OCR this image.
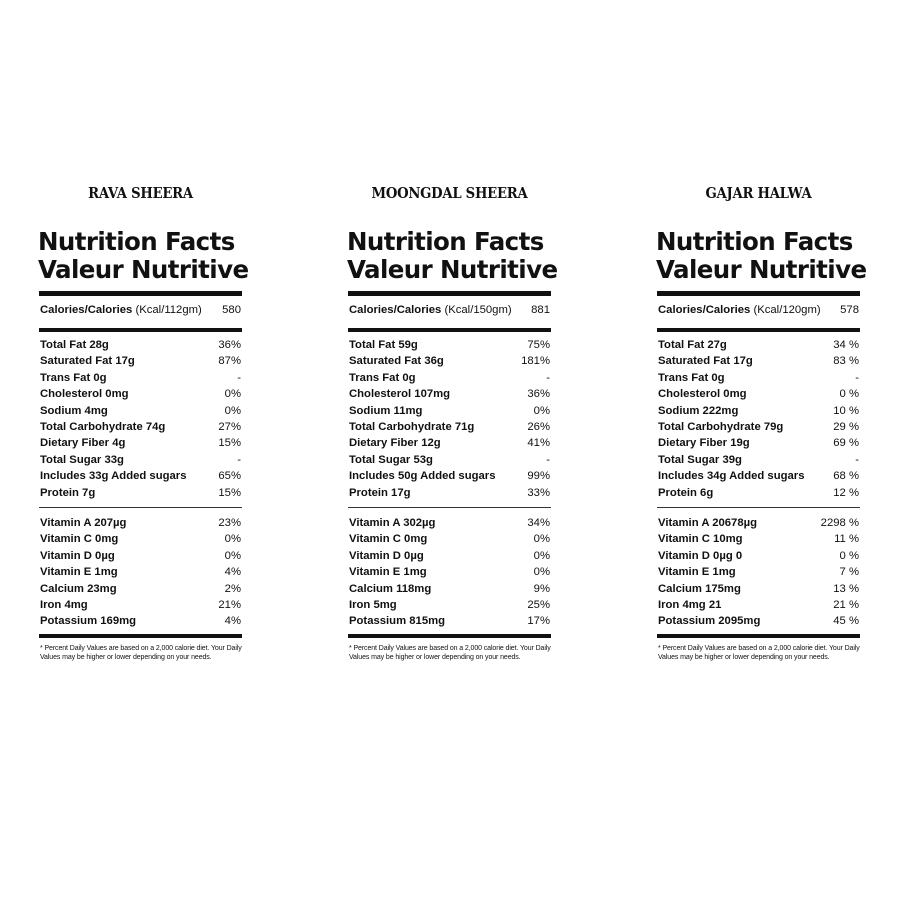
RAVA SHEERA
Nutrition Facts
Valeur Nutritive
Calories/Calories (Kcal/112gm) 580
Total Fat 28g	36%
Saturated Fat 17g	87%
Trans Fat 0g	-
Cholesterol 0mg	0%
Sodium 4mg	0%
Total Carbohydrate 74g	27%
Dietary Fiber 4g	15%
Total Sugar 33g	-
Includes 33g Added sugars	65%
Protein 7g	15%
Vitamin A 207µg	23%
Vitamin C 0mg	0%
Vitamin D 0µg	0%
Vitamin E 1mg	4%
Calcium 23mg	2%
Iron 4mg	21%
Potassium 169mg	4%
* Percent Daily Values are based on a 2,000 calorie diet. Your Daily Values may be higher or lower depending on your needs.
MOONGDAL SHEERA
Nutrition Facts
Valeur Nutritive
Calories/Calories (Kcal/150gm) 881
Total Fat 59g	75%
Saturated Fat 36g	181%
Trans Fat 0g	-
Cholesterol 107mg	36%
Sodium 11mg	0%
Total Carbohydrate 71g	26%
Dietary Fiber 12g	41%
Total Sugar 53g	-
Includes 50g Added sugars	99%
Protein 17g	33%
Vitamin A 302µg	34%
Vitamin C 0mg	0%
Vitamin D 0µg	0%
Vitamin E 1mg	0%
Calcium 118mg	9%
Iron 5mg	25%
Potassium 815mg	17%
* Percent Daily Values are based on a 2,000 calorie diet. Your Daily Values may be higher or lower depending on your needs.
GAJAR HALWA
Nutrition Facts
Valeur Nutritive
Calories/Calories (Kcal/120gm) 578
Total Fat 27g	34 %
Saturated Fat 17g	83 %
Trans Fat 0g	-
Cholesterol 0mg	0 %
Sodium 222mg	10 %
Total Carbohydrate 79g	29 %
Dietary Fiber 19g	69 %
Total Sugar 39g	-
Includes 34g Added sugars	68 %
Protein 6g	12 %
Vitamin A 20678µg	2298 %
Vitamin C 10mg	11 %
Vitamin D 0µg 0	0 %
Vitamin E 1mg	7 %
Calcium 175mg	13 %
Iron 4mg 21	21 %
Potassium 2095mg	45 %
* Percent Daily Values are based on a 2,000 calorie diet. Your Daily Values may be higher or lower depending on your needs.
